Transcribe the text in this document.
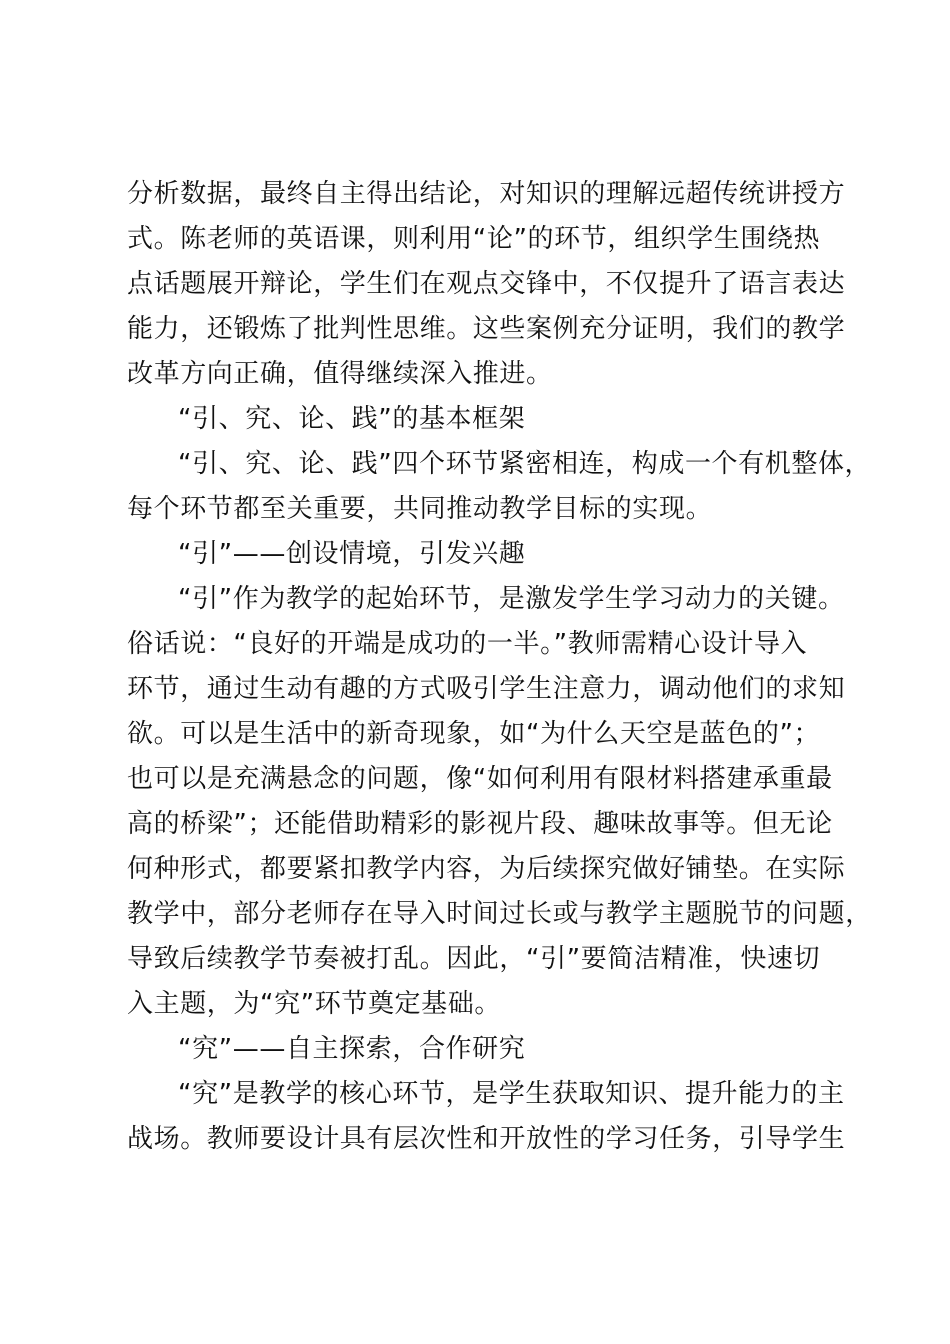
分析数据，最终自主得出结论，对知识的理解远超传统讲授方
式。陈老师的英语课，则利用“论”的环节，组织学生围绕热
点话题展开辩论，学生们在观点交锋中，不仅提升了语言表达
能力，还锻炼了批判性思维。这些案例充分证明，我们的教学
改革方向正确，值得继续深入推进。
“引、究、论、践”的基本框架
“引、究、论、践”四个环节紧密相连，构成一个有机整体，
每个环节都至关重要，共同推动教学目标的实现。
“引”——创设情境，引发兴趣
“引”作为教学的起始环节，是激发学生学习动力的关键。
俗话说：“良好的开端是成功的一半。”教师需精心设计导入
环节，通过生动有趣的方式吸引学生注意力，调动他们的求知
欲。可以是生活中的新奇现象，如“为什么天空是蓝色的”；
也可以是充满悬念的问题，像“如何利用有限材料搭建承重最
高的桥梁”；还能借助精彩的影视片段、趣味故事等。但无论
何种形式，都要紧扣教学内容，为后续探究做好铺垫。在实际
教学中，部分老师存在导入时间过长或与教学主题脱节的问题，
导致后续教学节奏被打乱。因此，“引”要简洁精准，快速切
入主题，为“究”环节奠定基础。
“究”——自主探索，合作研究
“究”是教学的核心环节，是学生获取知识、提升能力的主
战场。教师要设计具有层次性和开放性的学习任务，引导学生
